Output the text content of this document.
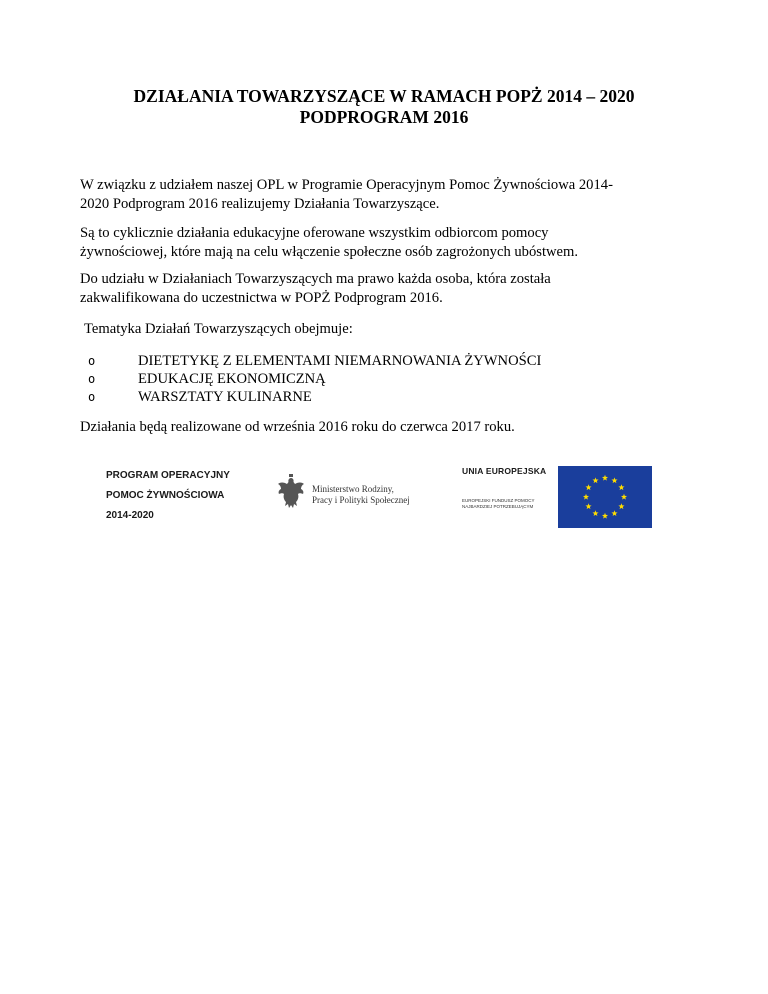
DZIAŁANIA TOWARZYSZĄCE W RAMACH POPŻ 2014 – 2020
PODPROGRAM 2016
W związku z udziałem naszej OPL w Programie Operacyjnym Pomoc Żywnościowa 2014-
2020 Podprogram 2016 realizujemy Działania Towarzyszące.
Są to cyklicznie działania edukacyjne oferowane wszystkim odbiorcom pomocy
żywnościowej, które mają na celu włączenie społeczne osób zagrożonych ubóstwem.
Do udziału w Działaniach Towarzyszących ma prawo każda osoba, która została
zakwalifikowana do uczestnictwa w POPŻ Podprogram 2016.
Tematyka Działań Towarzyszących obejmuje:
o	DIETETYKĘ Z ELEMENTAMI NIEMARNOWANIA ŻYWNOŚCI
o	EDUKACJĘ EKONOMICZNĄ
o	WARSZTATY KULINARNE
Działania będą realizowane od września 2016 roku do czerwca 2017 roku.
PROGRAM OPERACYJNY
POMOC ŻYWNOŚCIOWA
2014-2020
Ministerstwo Rodziny,
Pracy i Polityki Społecznej
UNIA EUROPEJSKA
EUROPEJSKI FUNDUSZ POMOCY
NAJBARDZIEJ POTRZEBUJĄCYM
